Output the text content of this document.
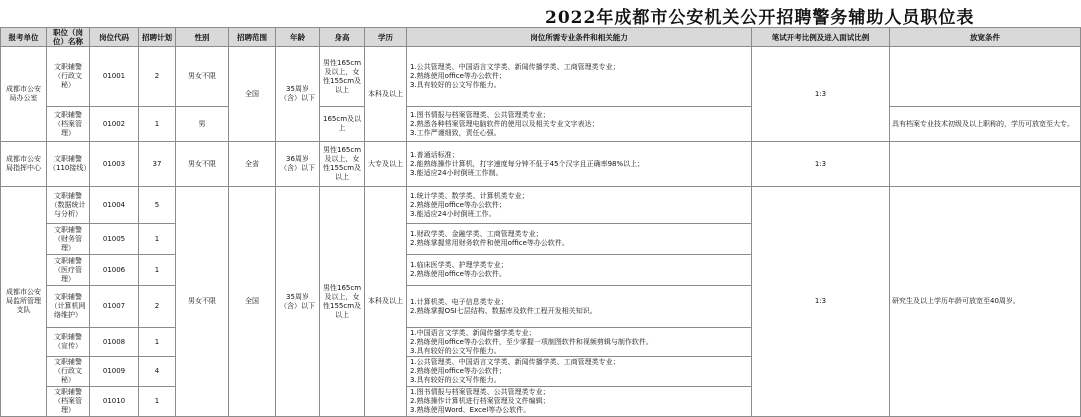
2022年成都市公安机关公开招聘警务辅助人员职位表
报考单位	职位（岗位）名称	岗位代码	招聘计划	性别	招聘范围	年龄	身高	学历	岗位所需专业条件和相关能力	笔试开考比例及进入面试比例	放宽条件
成都市公安局办公室	文职辅警（行政文秘）	01001	2	男女不限	全国	35周岁（含）以下	男性165cm及以上，女性155cm及以上	本科及以上	1.公共管理类、中国语言文学类、新闻传播学类、工商管理类专业；
2.熟练使用office等办公软件；
3.具有较好的公文写作能力。	1:3	
	文职辅警（档案管理）	01002	1	男			165cm及以上		1.图书情报与档案管理类、公共管理类专业；
2.熟悉各种档案管理电脑软件的使用以及相关专业文字表达；
3.工作严谨细致，责任心强。		具有档案专业技术初级及以上职称的，学历可放宽至大专。
成都市公安局指挥中心	文职辅警（110接线）	01003	37	男女不限	全省	36周岁（含）以下	男性165cm及以上，女性155cm及以上	大专及以上	1.普通话标准；
2.能熟练操作计算机，打字速度每分钟不低于45个汉字且正确率98%以上；
3.能适应24小时倒班工作制。	1:3	
成都市公安局监所管理支队	文职辅警（数据统计与分析）	01004	5	男女不限	全国	35周岁（含）以下	男性165cm及以上，女性155cm及以上	本科及以上	1.统计学类、数学类、计算机类专业；
2.熟练使用office等办公软件；
3.能适应24小时倒班工作。	1:3	研究生及以上学历年龄可放宽至40周岁。
	文职辅警（财务管理）	01005	1						1.财政学类、金融学类、工商管理类专业；
2.熟练掌握常用财务软件和使用office等办公软件。		

	文职辅警（医疗管理）	01006	1						1.临床医学类、护理学类专业；
2.熟练使用office等办公软件。		

	文职辅警（计算机网络维护）	01007	2						1.计算机类、电子信息类专业；
2.熟练掌握OSI七层结构、数据库及软件工程开发相关知识。		

	文职辅警（宣传）	01008	1						1.中国语言文学类、新闻传播学类专业；
2.熟练使用office等办公软件，至少掌握一项制图软件和视频剪辑与制作软件。
3.具有较好的公文写作能力。		

	文职辅警（行政文秘）	01009	4						1.公共管理类、中国语言文学类、新闻传播学类、工商管理类专业；
2.熟练使用office等办公软件；
3.具有较好的公文写作能力。		

	文职辅警（档案管理）	01010	1						1.图书情报与档案管理类、公共管理类专业；
2.熟练操作计算机进行档案管理及文件编辑；
3.熟练使用Word、Excel等办公软件。		
